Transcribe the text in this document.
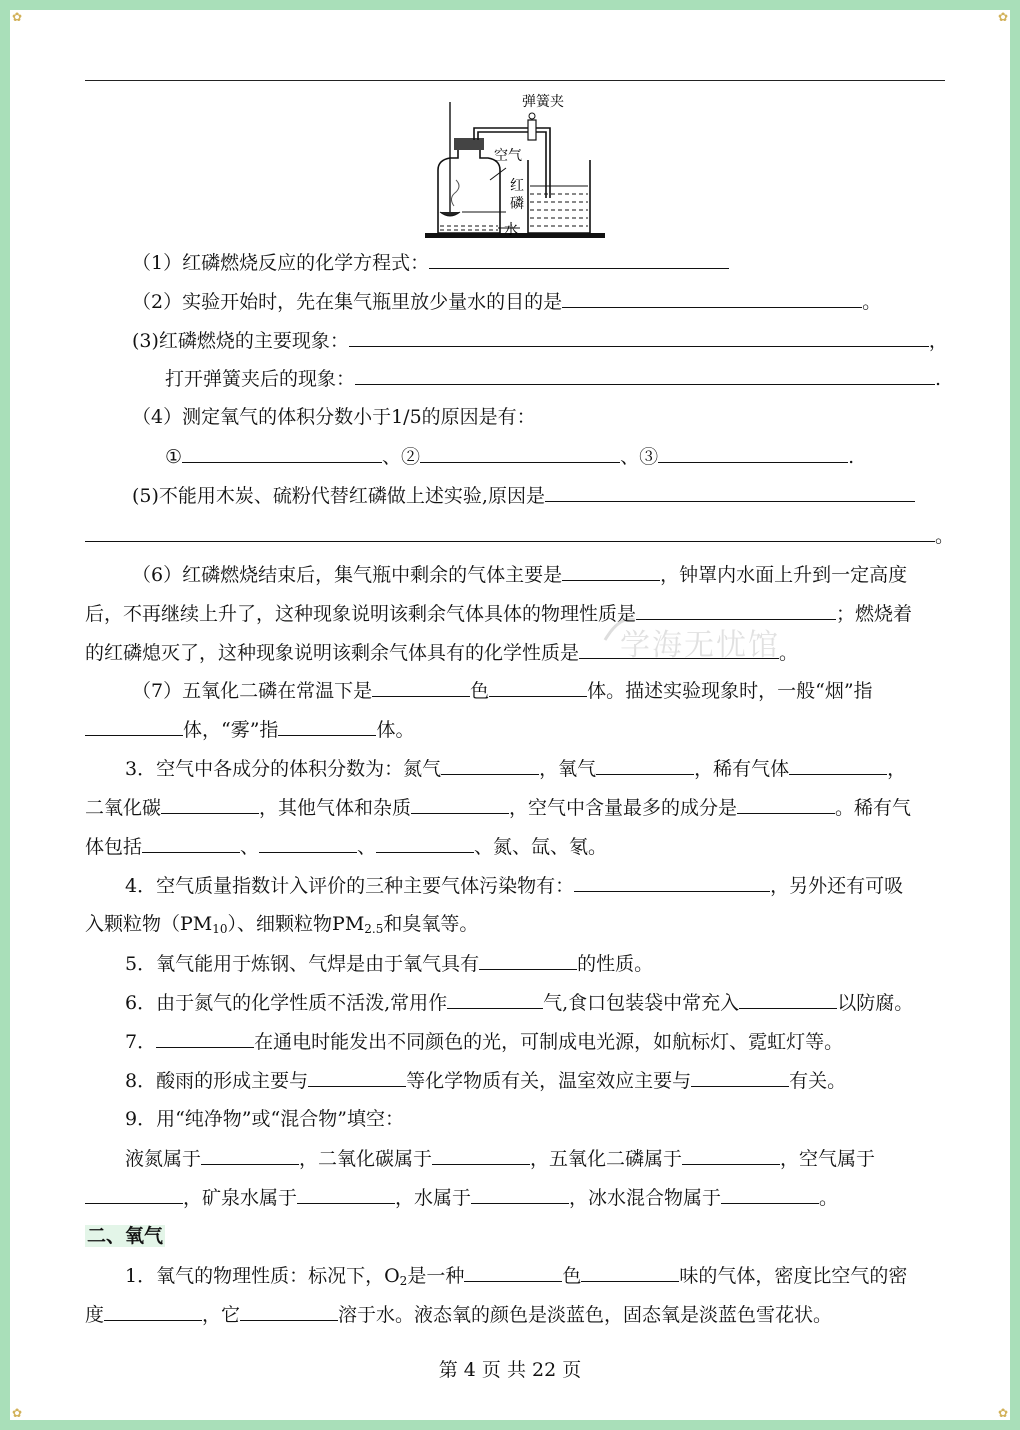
✿	✿
✿	✿
弹簧夹
空气
红
磷
水
学海无忧馆
（1）红磷燃烧反应的化学方程式：
（2）实验开始时，先在集气瓶里放少量水的目的是	。
(3)红磷燃烧的主要现象：	，
打开弹簧夹后的现象：	.
（4）测定氧气的体积分数小于1/5的原因是有：
①	、②	、③	.
(5)不能用木炭、硫粉代替红磷做上述实验,原因是
。
（6）红磷燃烧结束后，集气瓶中剩余的气体主要是	，钟罩内水面上升到一定高度
后，不再继续上升了，这种现象说明该剩余气体具体的物理性质是	；燃烧着
的红磷熄灭了，这种现象说明该剩余气体具有的化学性质是	。
（7）五氧化二磷在常温下是	色	体。描述实验现象时，一般“烟”指
体，“雾”指	体。
3．空气中各成分的体积分数为：氮气	，氧气	，稀有气体	，
二氧化碳	，其他气体和杂质	，空气中含量最多的成分是	。稀有气
体包括	、	、	、氮、氙、氡。
4．空气质量指数计入评价的三种主要气体污染物有：	，另外还有可吸
入颗粒物$(PM_{10})$、细颗粒物$PM_{2.5}$和臭氧等。
5．氧气能用于炼钢、气焊是由于氧气具有	的性质。
6．由于氮气的化学性质不活泼,常用作	气,食口包装袋中常充入	以防腐。
7．	在通电时能发出不同颜色的光，可制成电光源，如航标灯、霓虹灯等。
8．酸雨的形成主要与	等化学物质有关，温室效应主要与	有关。
9．用“纯净物”或“混合物”填空：
液氮属于	，二氧化碳属于	，五氧化二磷属于	，空气属于
，矿泉水属于	，水属于	，冰水混合物属于	。
二、氧气
1．氧气的物理性质：标况下，$O_2$是一种	色	味的气体，密度比空气的密
度	，它	溶于水。液态氧的颜色是淡蓝色，固态氧是淡蓝色雪花状。
第 4 页 共 22 页
